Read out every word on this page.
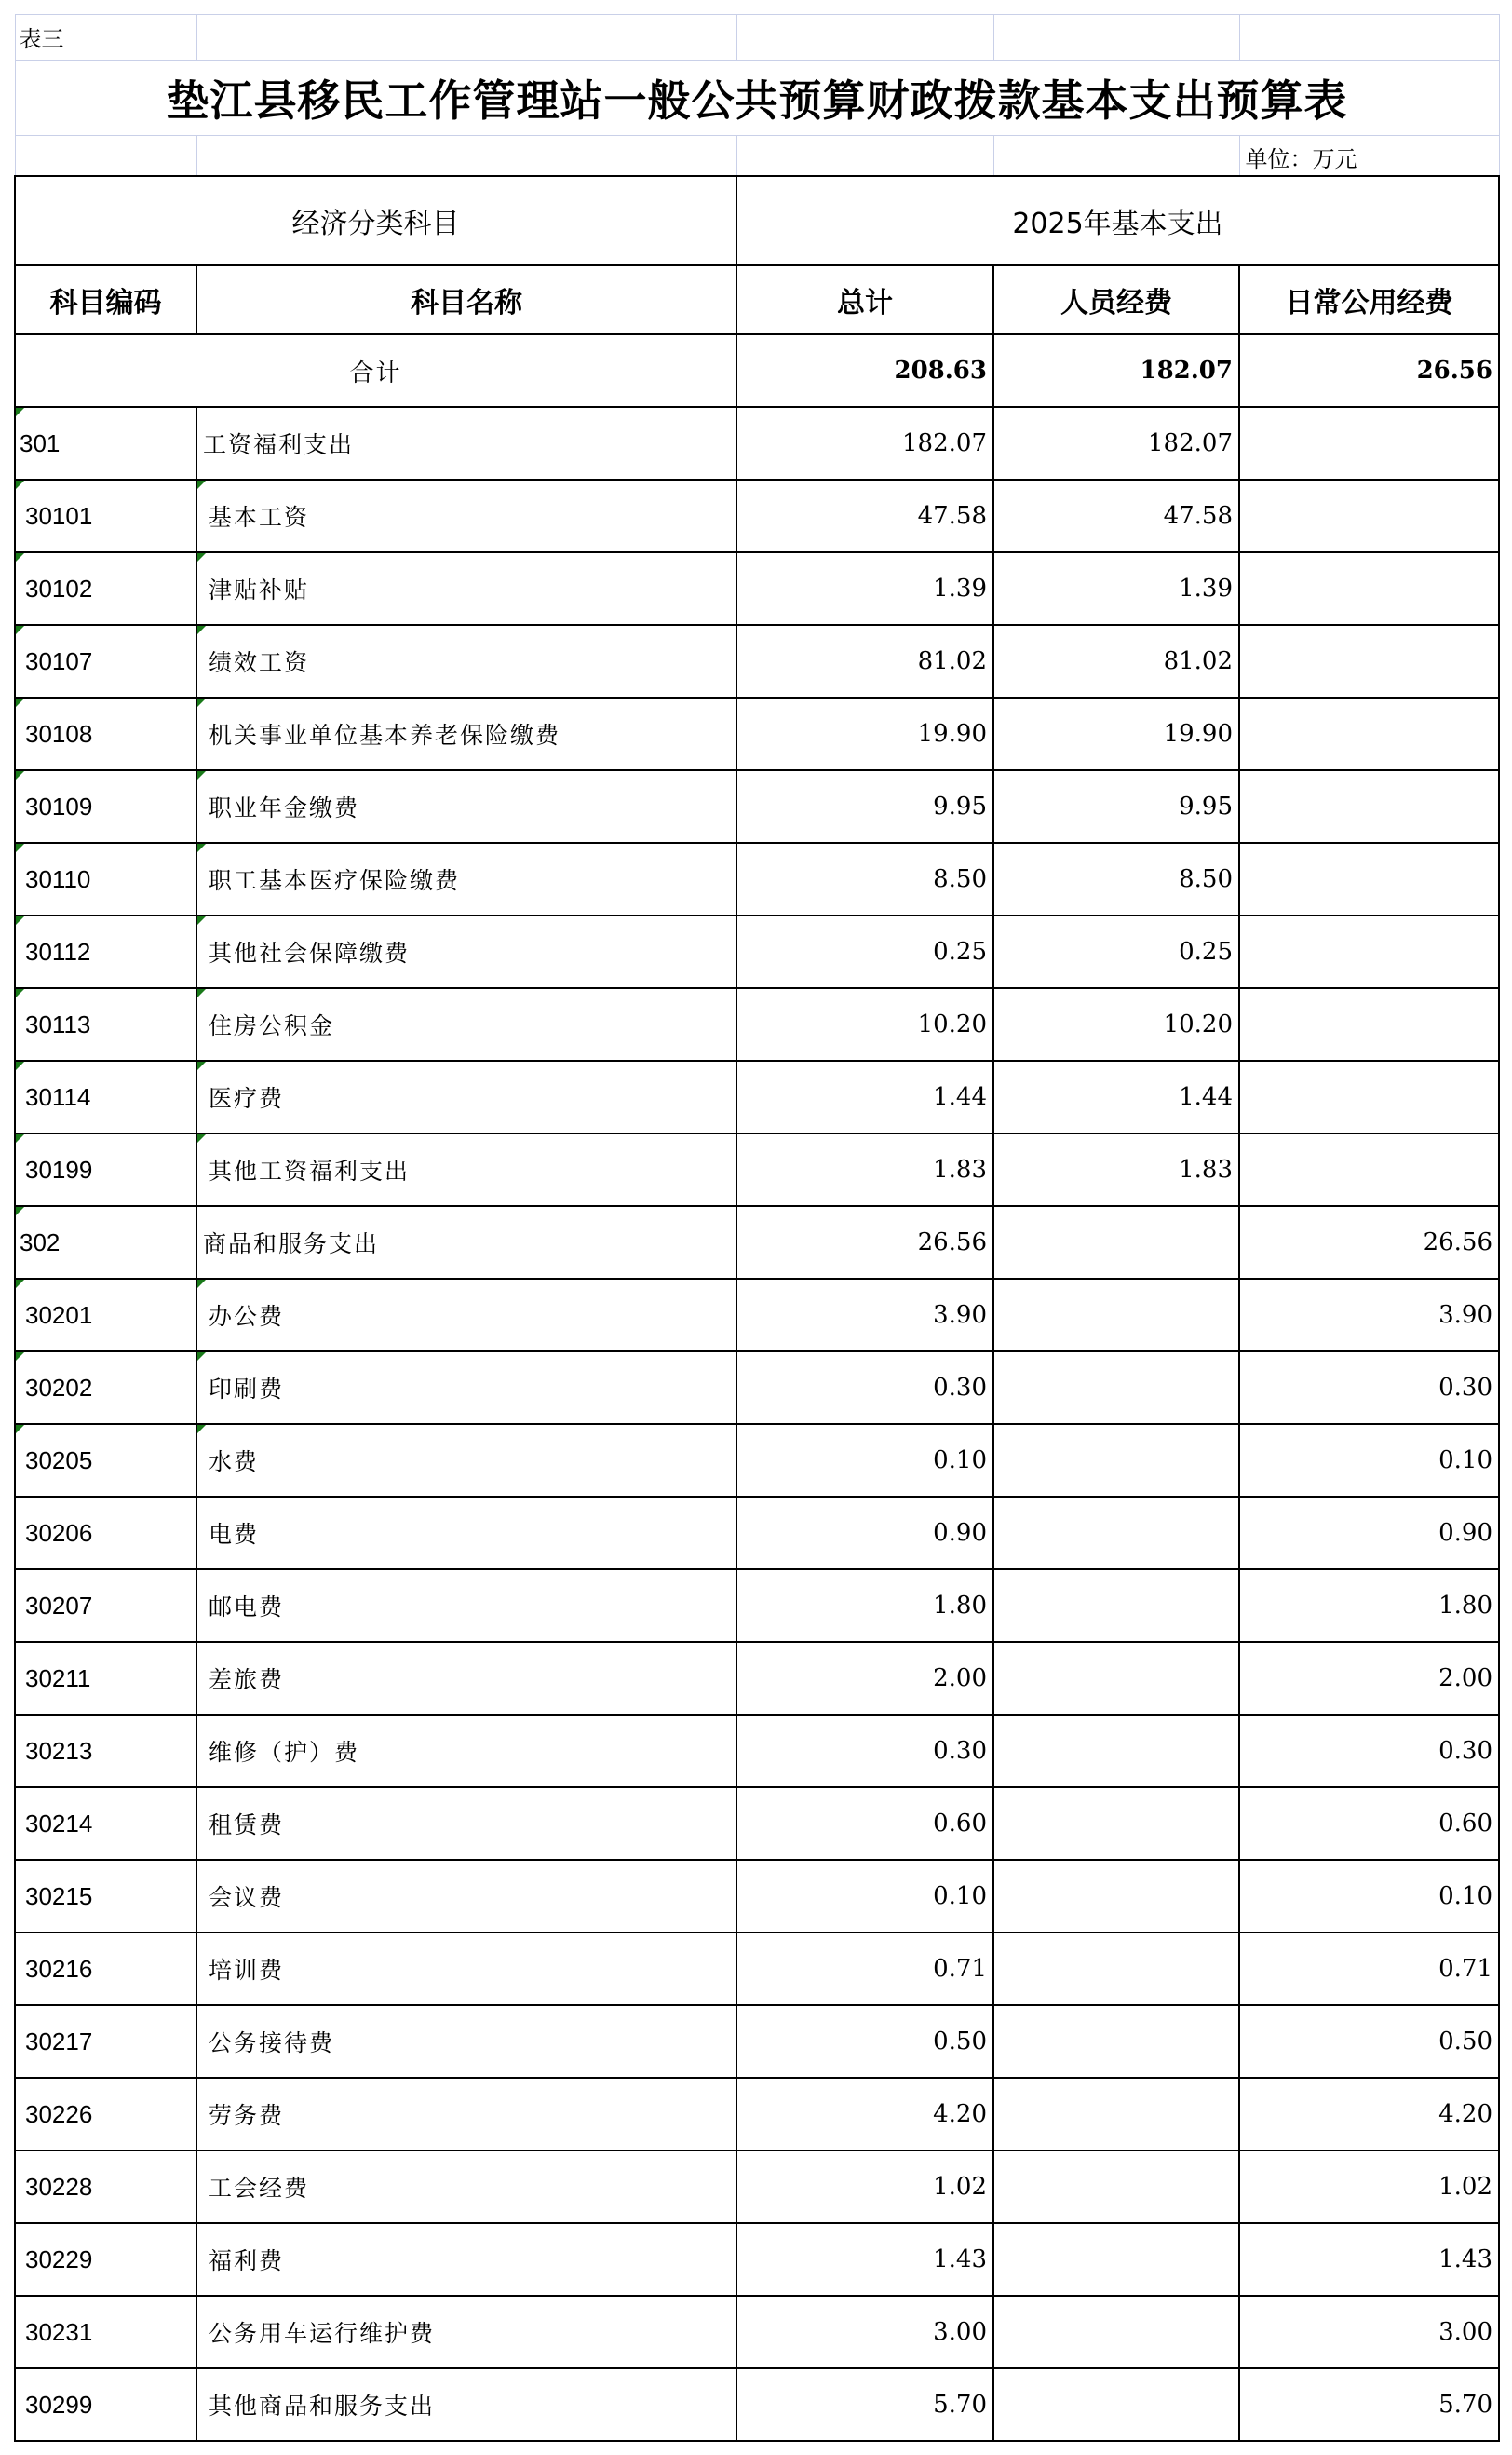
表三				
垫江县移民工作管理站一般公共预算财政拨款基本支出预算表				
				单位：万元
经济分类科目		2025年基本支出		
科目编码	科目名称	总计	人员经费	日常公用经费
合计		208.63	182.07	26.56
301	工资福利支出	182.07	182.07	
30101	基本工资	47.58	47.58	
30102	津贴补贴	1.39	1.39	
30107	绩效工资	81.02	81.02	
30108	机关事业单位基本养老保险缴费	19.90	19.90	
30109	职业年金缴费	9.95	9.95	
30110	职工基本医疗保险缴费	8.50	8.50	
30112	其他社会保障缴费	0.25	0.25	
30113	住房公积金	10.20	10.20	
30114	医疗费	1.44	1.44	
30199	其他工资福利支出	1.83	1.83	
302	商品和服务支出	26.56		26.56
30201	办公费	3.90		3.90
30202	印刷费	0.30		0.30
30205	水费	0.10		0.10
30206	电费	0.90		0.90
30207	邮电费	1.80		1.80
30211	差旅费	2.00		2.00
30213	维修（护）费	0.30		0.30
30214	租赁费	0.60		0.60
30215	会议费	0.10		0.10
30216	培训费	0.71		0.71
30217	公务接待费	0.50		0.50
30226	劳务费	4.20		4.20
30228	工会经费	1.02		1.02
30229	福利费	1.43		1.43
30231	公务用车运行维护费	3.00		3.00
30299	其他商品和服务支出	5.70		5.70
